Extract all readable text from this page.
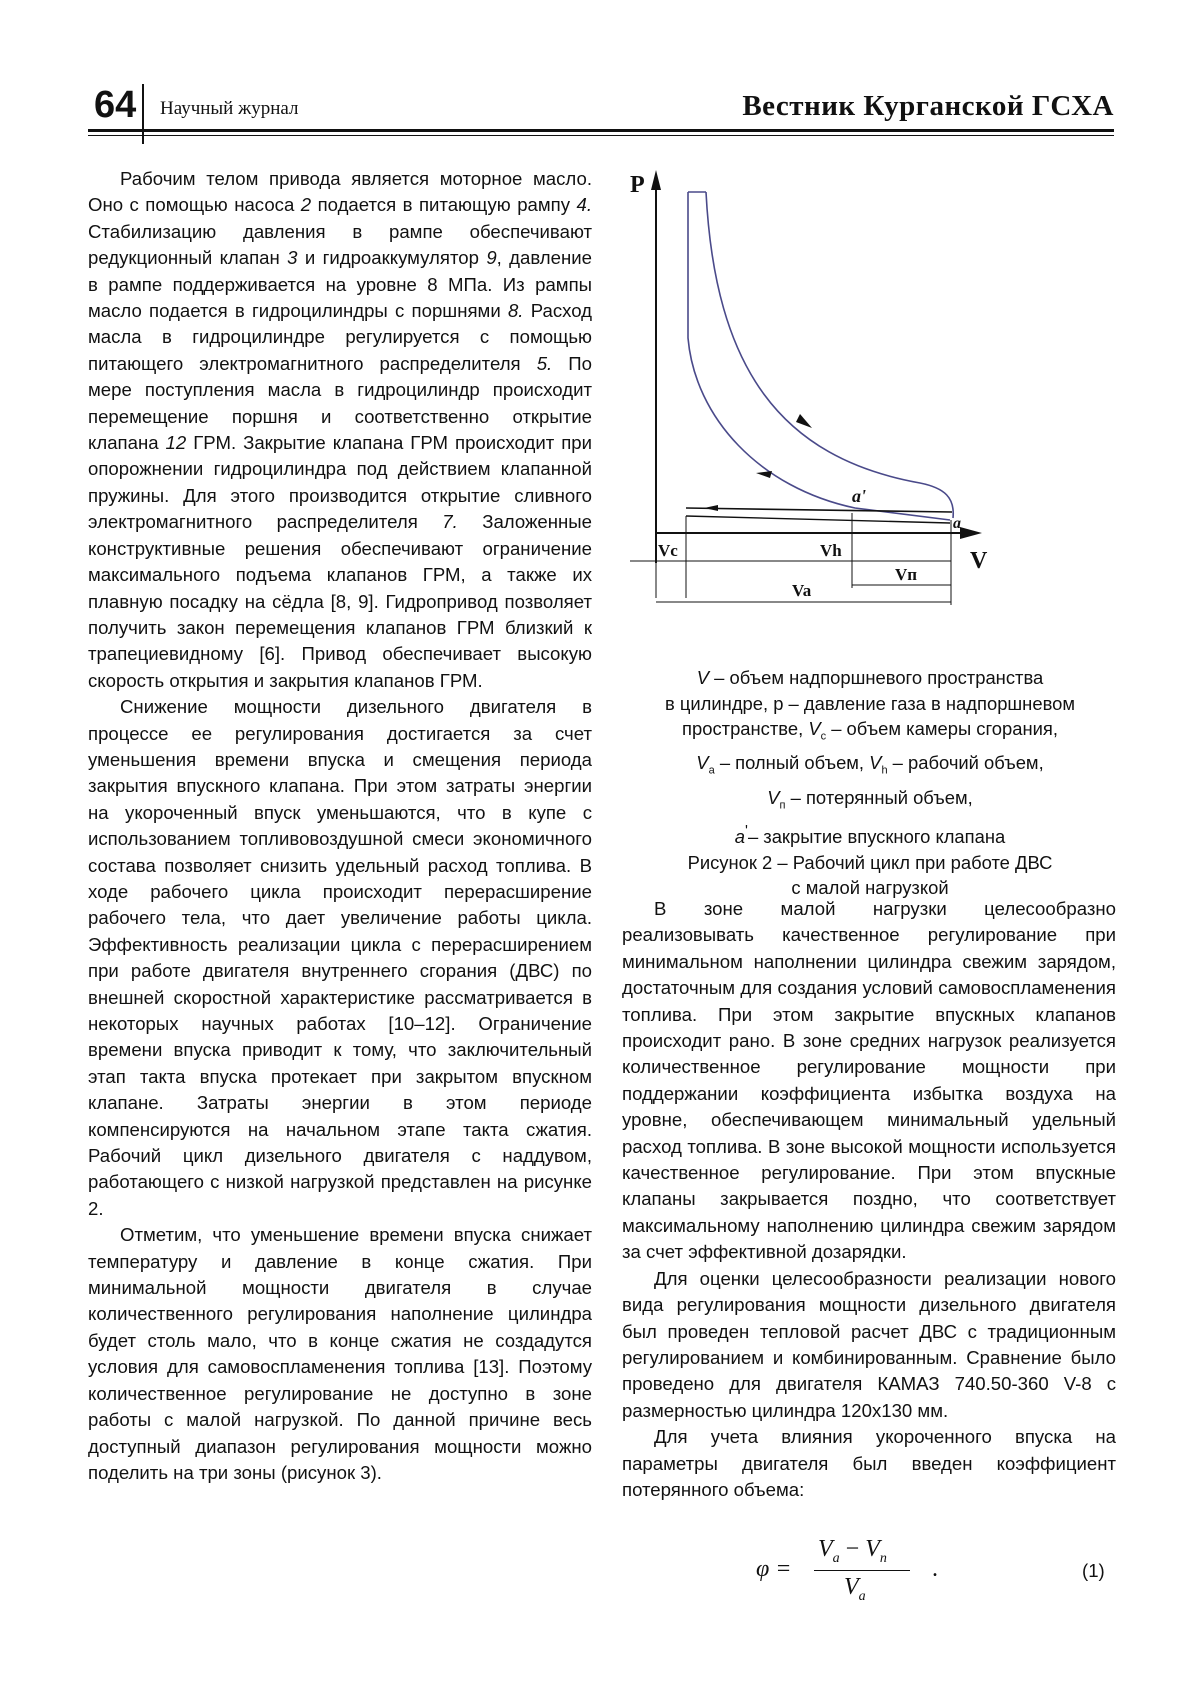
64 Научный журнал	Вестник Курганской ГСХА

Рабочим телом привода является моторное масло. Оно с помощью насоса 2 подается в питающую рампу 4. Стабилизацию давления в рампе обеспечивают редукционный клапан 3 и гидроаккумулятор 9, давление в рампе поддерживается на уровне 8 МПа. Из рампы масло подается в гидроцилиндры с поршнями 8. Расход масла в гидроцилиндре регулируется с помощью питающего электромагнитного распределителя 5. По мере поступления масла в гидроцилиндр происходит перемещение поршня и соответственно открытие клапана 12 ГРМ. Закрытие клапана ГРМ происходит при опорожнении гидроцилиндра под действием клапанной пружины. Для этого производится открытие сливного электромагнитного распределителя 7. Заложенные конструктивные решения обеспечивают ограничение максимального подъема клапанов ГРМ, а также их плавную посадку на сёдла [8, 9]. Гидропривод позволяет получить закон перемещения клапанов ГРМ близкий к трапециевидному [6]. Привод обеспечивает высокую скорость открытия и закрытия клапанов ГРМ.

Снижение мощности дизельного двигателя в процессе ее регулирования достигается за счет уменьшения времени впуска и смещения периода закрытия впускного клапана. При этом затраты энергии на укороченный впуск уменьшаются, что в купе с использованием топливовоздушной смеси экономичного состава позволяет снизить удельный расход топлива. В ходе рабочего цикла происходит перерасширение рабочего тела, что дает увеличение работы цикла. Эффективность реализации цикла с перерасширением при работе двигателя внутреннего сгорания (ДВС) по внешней скоростной характеристике рассматривается в некоторых научных работах [10–12]. Ограничение времени впуска приводит к тому, что заключительный этап такта впуска протекает при закрытом впускном клапане. Затраты энергии в этом периоде компенсируются на начальном этапе такта сжатия. Рабочий цикл дизельного двигателя с наддувом, работающего с низкой нагрузкой представлен на рисунке 2.

Отметим, что уменьшение времени впуска снижает температуру и давление в конце сжатия. При минимальной мощности двигателя в случае количественного регулирования наполнение цилиндра будет столь мало, что в конце сжатия не создадутся условия для самовоспламенения топлива [13]. Поэтому количественное регулирование не доступно в зоне работы с малой нагрузкой. По данной причине весь доступный диапазон регулирования мощности можно поделить на три зоны (рисунок 3).

P
V
a'
a
Vc	Vh
Vп
Va
V – объем надпоршневого пространства
в цилиндре, р – давление газа в надпоршневом
пространстве, Vc – объем камеры сгорания,
Va – полный объем, Vh – рабочий объем,
Vп – потерянный объем,
a'– закрытие впускного клапана
Рисунок 2 – Рабочий цикл при работе ДВС
с малой нагрузкой

В зоне малой нагрузки целесообразно реализовывать качественное регулирование при минимальном наполнении цилиндра свежим зарядом, достаточным для создания условий самовоспламенения топлива. При этом закрытие впускных клапанов происходит рано. В зоне средних нагрузок реализуется количественное регулирование мощности при поддержании коэффициента избытка воздуха на уровне, обеспечивающем минимальный удельный расход топлива. В зоне высокой мощности используется качественное регулирование. При этом впускные клапаны закрывается поздно, что соответствует максимальному наполнению цилиндра свежим зарядом за счет эффективной дозарядки.

Для оценки целесообразности реализации нового вида регулирования мощности дизельного двигателя был проведен тепловой расчет ДВС с традиционным регулированием и комбинированным. Сравнение было проведено для двигателя КАМАЗ 740.50-360 V-8 с размерностью цилиндра 120х130 мм.

Для учета влияния укороченного впуска на параметры двигателя был введен коэффициент потерянного объема:

φ =
Va − Vп
Va
.	(1)
